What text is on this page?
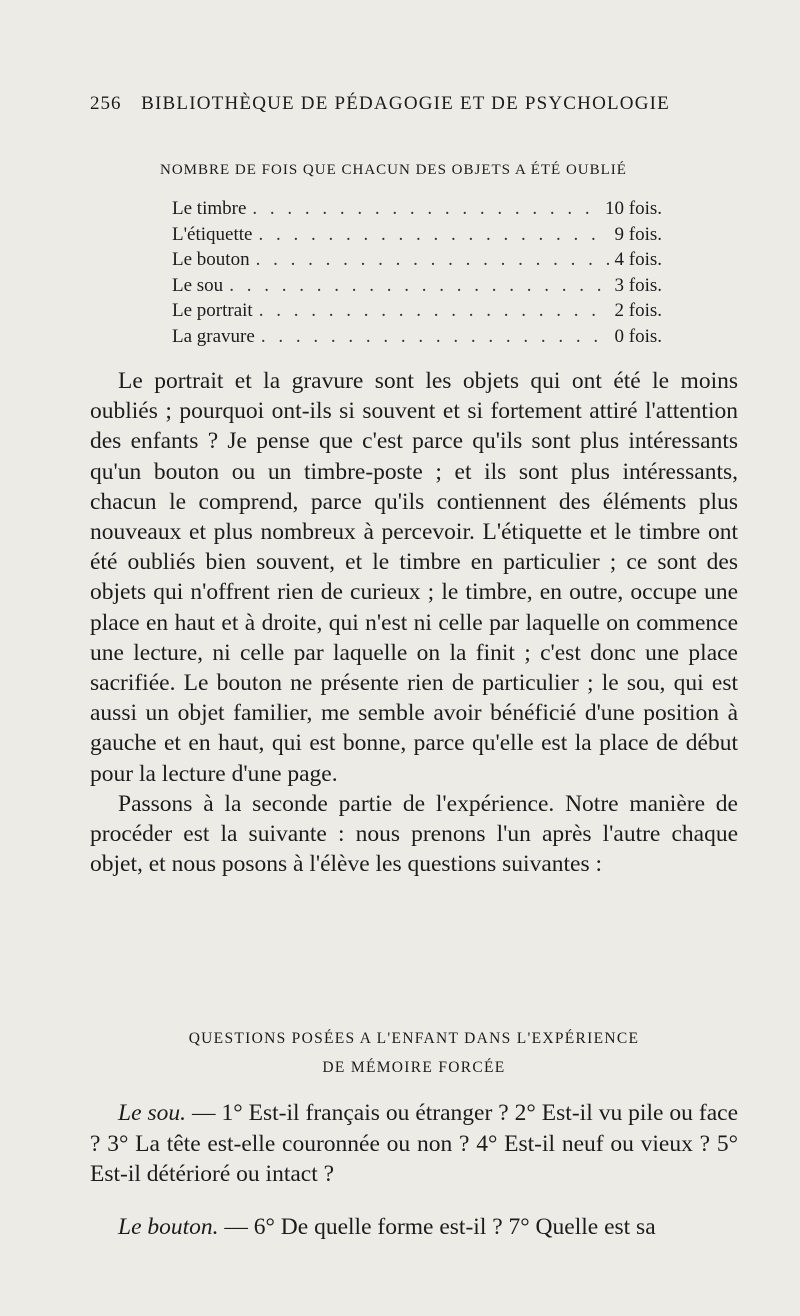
256 BIBLIOTHÈQUE DE PÉDAGOGIE ET DE PSYCHOLOGIE
NOMBRE DE FOIS QUE CHACUN DES OBJETS A ÉTÉ OUBLIÉ
Le timbre . . .	10 fois.
L'étiquette . . .	9 fois.
Le bouton . . .	4 fois.
Le sou . . .	3 fois.
Le portrait . . .	2 fois.
La gravure . . .	0 fois.

Le portrait et la gravure sont les objets qui ont été le moins oubliés ; pourquoi ont-ils si souvent et si fortement attiré l'attention des enfants ? Je pense que c'est parce qu'ils sont plus intéressants qu'un bouton ou un timbre-poste ; et ils sont plus intéressants, chacun le comprend, parce qu'ils contiennent des éléments plus nouveaux et plus nombreux à percevoir. L'étiquette et le timbre ont été oubliés bien souvent, et le timbre en particulier ; ce sont des objets qui n'offrent rien de curieux ; le timbre, en outre, occupe une place en haut et à droite, qui n'est ni celle par laquelle on commence une lecture, ni celle par laquelle on la finit ; c'est donc une place sacrifiée. Le bouton ne présente rien de particulier ; le sou, qui est aussi un objet familier, me semble avoir bénéficié d'une position à gauche et en haut, qui est bonne, parce qu'elle est la place de début pour la lecture d'une page.

Passons à la seconde partie de l'expérience. Notre manière de procéder est la suivante : nous prenons l'un après l'autre chaque objet, et nous posons à l'élève les questions suivantes :

QUESTIONS POSÉES A L'ENFANT DANS L'EXPÉRIENCE
DE MÉMOIRE FORCÉE

Le sou. — 1° Est-il français ou étranger ? 2° Est-il vu pile ou face ? 3° La tête est-elle couronnée ou non ? 4° Est-il neuf ou vieux ? 5° Est-il détérioré ou intact ?

Le bouton. — 6° De quelle forme est-il ? 7° Quelle est sa
